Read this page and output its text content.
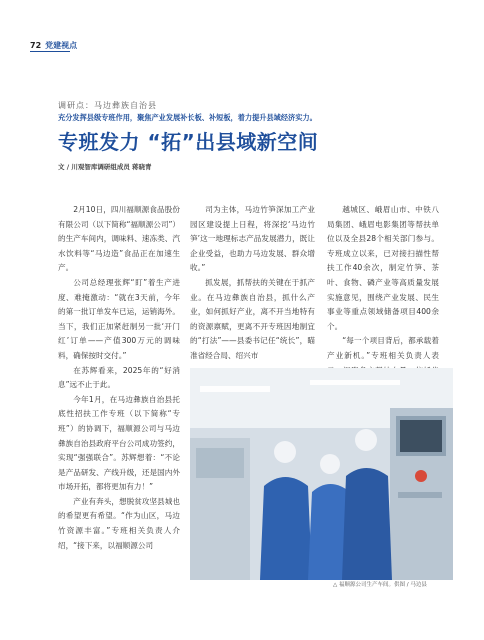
72 党建视点
调研点：马边彝族自治县
充分发挥县级专班作用，聚焦产业发展补长板、补短板，着力提升县域经济实力。
专班发力 “拓”出县域新空间
文 / 川观智库调研组成员 蒋晓青

2月10日，四川福顺源食品股份有限公司（以下简称“福顺源公司”）的生产车间内，调味料、速冻类、汽水饮料等“马边造”食品正在加速生产。

公司总经理张辉“盯”着生产进度、难掩激动：“就在3天前，今年的第一批订单发车已运，运销海外。当下，我们正加紧赶制另一批‘开门红’订单——产值300万元的调味料，确保按时交付。”

在苏辉看来，2025年的“好消息”远不止于此。

今年1月，在马边彝族自治县托底性招扶工作专班（以下简称“专班”）的协调下，福顺源公司与马边彝族自治县政府平台公司成功签约，实现“强强联合”。苏辉想着：“不论是产品研发、产线升级，还是国内外市场开拓，都将更加有力！”

产业有奔头，想脱贫攻坚县城也的希望更有希望。“作为山区，马边竹资源丰富。”专班相关负责人介绍，“接下来，以福顺源公司

司为主体，马边竹笋深加工产业园区建设提上日程，将深挖‘马边竹笋’这一地理标志产品发展潜力，既让企业受益，也助力马边发展、群众增收。”

抓发展，抓帮扶的关键在于抓产业。在马边彝族自治县，抓什么产业，如何抓好产业，离不开当地特有的资源禀赋，更离不开专班因地制宜的“打法”——县委书记任“统长”，瞄准省经合局、绍兴市

越城区、峨眉山市、中铁八局集团、峨眉电影集团等帮扶单位以及全县28个相关部门参与。专班成立以来，已对接扫描性帮扶工作40余次，制定竹笋、茶叶、食物、磷产业等高质量发展实施意见，围绕产业发展、民生事业等重点领域储备项目400余个。

“每一个项目背后，都承载着产业新机。”专班相关负责人表

△ 福顺源公司生产车间。供图 / 马边县
